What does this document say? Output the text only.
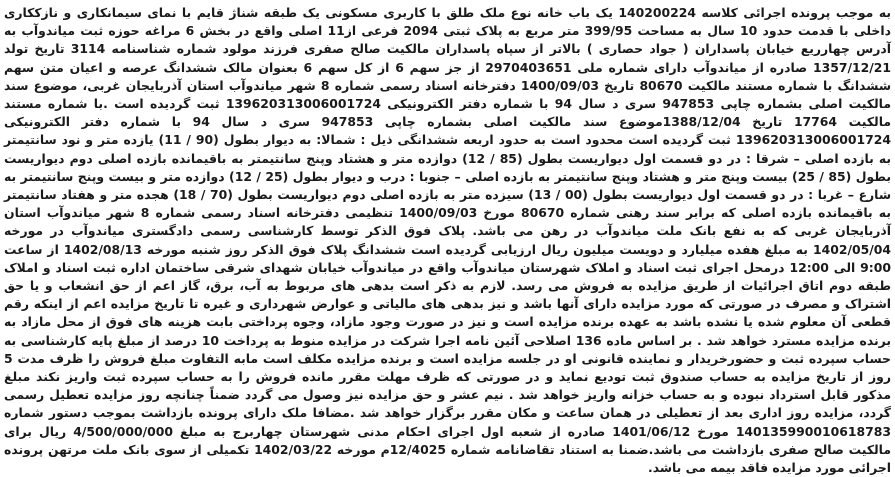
به موجب پرونده اجرائی کلاسه 140200224 یک باب خانه نوع ملک طلق با کاربری مسکونی یک طبقه شناژ قایم با نمای سیمانکاری و نازککاری داخلی با قدمت حدود 10 سال به مساحت 399/95 متر مربع به پلاک ثبتی 2094 فرعی از11 اصلی واقع در بخش 6 مراغه حوزه ثبت میاندوآب به آدرس چهارریع خیابان پاسداران ( جواد حصاری ) بالاتر از سپاه پاسداران مالکیت صالح صفری فرزند مولود شماره شناسنامه 3114 تاریخ تولد 1357/12/21 صادره از میاندوآب دارای شماره ملی 2970403651 از جز سهم 6 از کل سهم 6 بعنوان مالک ششدانگ عرصه و اعیان متن سهم ششدانگ با شماره مستند مالکیت 80670 تاریخ 1400/09/03 دفترخانه اسناد رسمی شماره 8 شهر میاندوآب استان آذربایجان غربی، موضوع سند مالکیت اصلی بشماره چاپی 947853 سری د سال 94 با شماره دفتر الکترونیکی 139620313006001724 ثبت گردیده است .با شماره مستند مالکیت 17764 تاریخ 1388/12/04موضوع سند مالکیت اصلی بشماره چاپی 947853 سری د سال 94 با شماره دفتر الکترونیکی 139620313006001724 ثبت گردیده است محدود است به حدود اربعه ششدانگی ذیل : شمالا: به دیوار بطول (90 / 11) یازده متر و نود سانتیمتر به بازده اصلی – شرقا : در دو قسمت اول دیواریست بطول (85 / 12) دوازده متر و هشتاد وپنج سانتیمتر به باقیمانده بازده اصلی دوم دیواریست بطول (85 / 25) بیست وپنج متر و هشتاد وپنج سانتیمتر به بازده اصلی – جنوبا : درب و دیوار بطول (25 / 12) دوازده متر و بیست وپنج سانتیمتر به شارع – غربا : در دو قسمت اول دیواریست بطول (00 / 13) سیزده متر به بازده اصلی دوم دیواریست بطول (70 / 18) هجده متر و هفتاد سانتیمتر به باقیمانده بازده اصلی که برابر سند رهنی شماره 80670 مورخ 1400/09/03 تنظیمی دفترخانه اسناد رسمی شماره 8 شهر میاندوآب استان آذربایجان غربی که به نفع بانک ملت میاندوآب در رهن می باشد. پلاک فوق الذکر توسط کارشناسی رسمی دادگستری میاندوآب در مورخه 1402/05/04 به مبلغ هفده میلیارد و دویست میلیون ریال ارزیابی گردیده است ششدانگ پلاک فوق الذکر روز شنبه مورخه 1402/08/13 از ساعت 9:00 الی 12:00 درمحل اجرای ثبت اسناد و املاک شهرستان میاندوآب واقع در میاندوآب خیابان شهدای شرقی ساختمان اداره ثبت اسناد و املاک طبقه دوم اتاق اجرائیات از طریق مزایده به فروش می رسد. لازم به ذکر است بدهی های مربوط به آب، برق، گاز اعم از حق انشعاب و یا حق اشتراک و مصرف در صورتی که مورد مزایده دارای آنها باشد و نیز بدهی های مالیاتی و عوارض شهرداری و غیره تا تاریخ مزایده اعم از اینکه رقم قطعی آن معلوم شده یا نشده باشد به عهده برنده مزایده است و نیز در صورت وجود مازاد، وجوه پرداختی بابت هزینه های فوق از محل مازاد به برنده مزایده مسترد خواهد شد . بر اساس ماده 136 اصلاحی آئین نامه اجرا شرکت در مزایده منوط به پرداخت 10 درصد از مبلغ پایه کارشناسی به حساب سپرده ثبت و حضورخریدار و نماینده قانونی او در جلسه مزایده است و برنده مزایده مکلف است مابه التفاوت مبلغ فروش را ظرف مدت 5 روز از تاریخ مزایده به حساب صندوق ثبت تودیع نماید و در صورتی که ظرف مهلت مقرر مانده فروش را به حساب سپرده ثبت واریز نکند مبلغ مذکور قابل استرداد نبوده و به حساب خزانه واریز خواهد شد . نیم عشر و حق مزایده نیز وصول می گردد ضمناً چنانچه روز مزایده تعطیل رسمی گردد، مزایده روز اداری بعد از تعطیلی در همان ساعت و مکان مقرر برگزار خواهد شد .مضافا ملک دارای پرونده بازداشت بموجب دستور شماره 140135990010618783 مورخ 1401/06/12 صادره از شعبه اول اجرای احکام مدنی شهرستان چهاربرج به مبلغ 4/500/000/000 ریال برای مالکیت صالح صفری بازداشت می باشد.ضمنا به استناد تقاضانامه شماره 12/4025م مورخه 1402/03/22 تکمیلی از سوی بانک ملت مرتهن پرونده اجرائی مورد مزایده فاقد بیمه می باشد.
